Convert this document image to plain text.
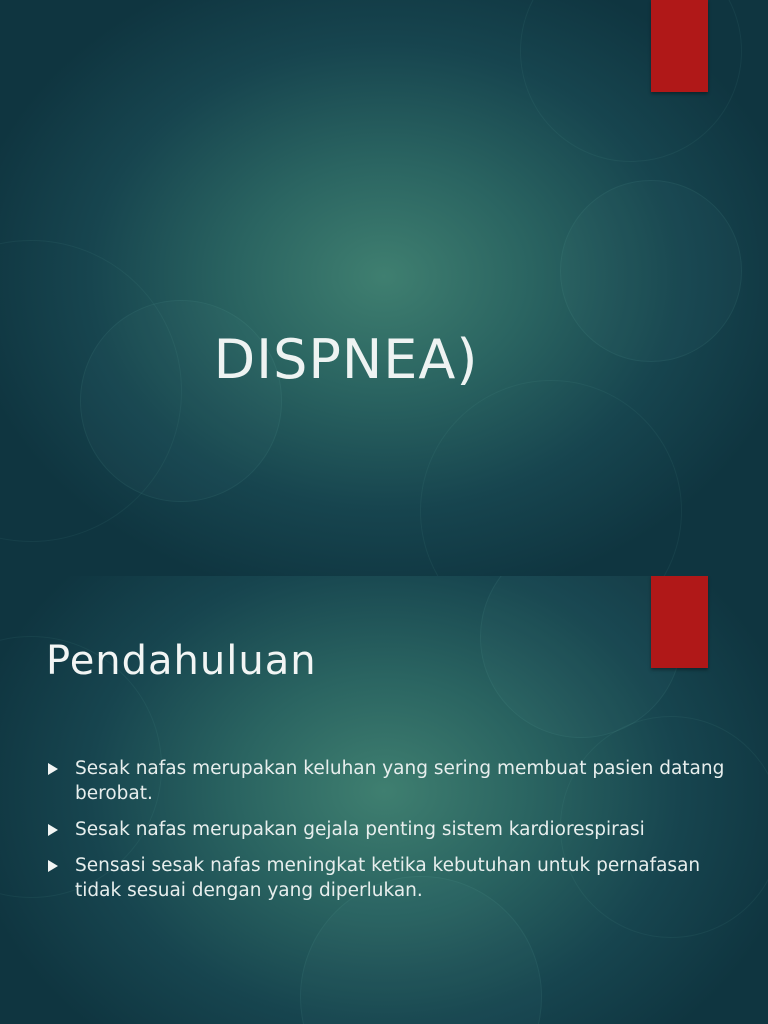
DISPNEA)
Pendahuluan
Sesak nafas merupakan keluhan yang sering membuat pasien datang berobat.
Sesak nafas merupakan gejala penting sistem kardiorespirasi
Sensasi sesak nafas meningkat ketika kebutuhan untuk pernafasan tidak sesuai dengan yang diperlukan.
